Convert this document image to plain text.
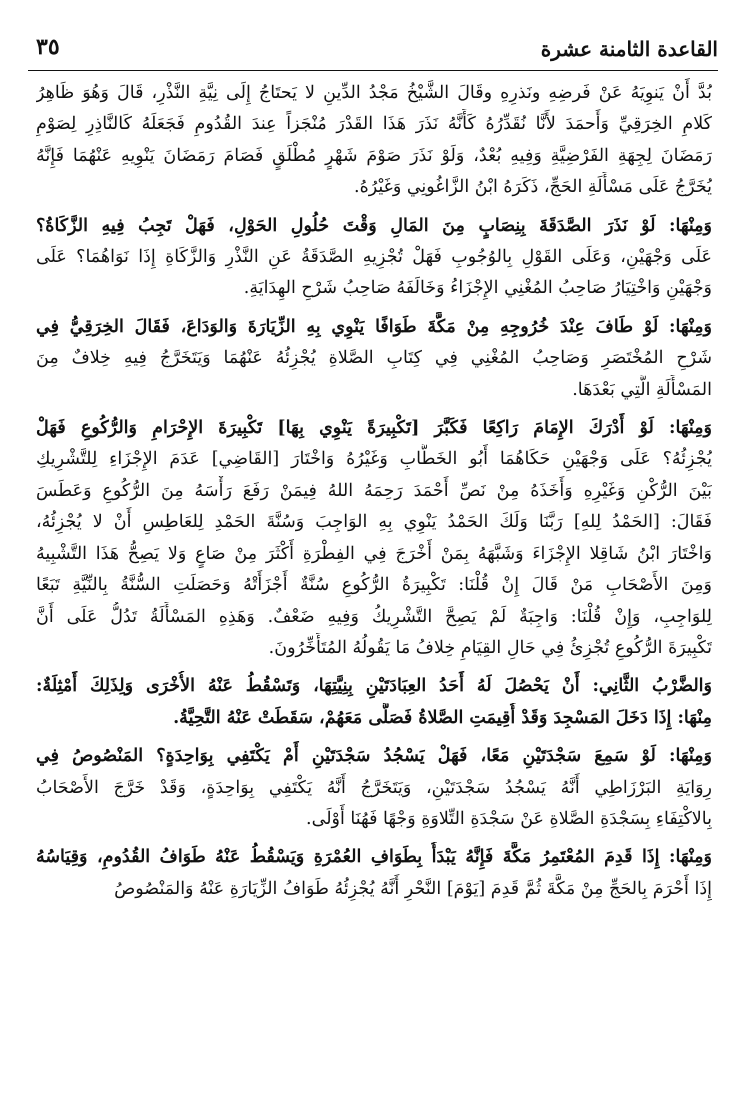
القاعدة الثامنة عشرة
٣٥

بُدَّ أَنْ يَنوِيَهُ عَنْ فَرضِهِ ونَذرِهِ وقَالَ الشَّيْخُ مَجْدُ الدِّينِ لا يَحتَاجُ إِلَى نِيَّةِ النَّذْرِ، قَالَ وَهُوَ ظَاهِرُ
كَلامِ الخِرَقِيِّ وَأَحمَدَ لأَنَّا نُقَدِّرُهُ كَأَنَّهُ نَذَرَ هَذَا القَدْرَ مُنْجَزاً عِندَ القُدُومِ فَجَعَلَهُ كَالنَّاذِرِ لِصَوْمِ
رَمَضَانَ لِجِهَةِ الفَرْضِيَّةِ وَفِيهِ بُعْدٌ، وَلَوْ نَذَرَ صَوْمَ شَهْرٍ مُطْلَقٍ فَصَامَ رَمَضَانَ يَنْوِيهِ عَنْهُمَا فَإِنَّهُ
يُخَرَّجُ عَلَى مَسْأَلَةِ الحَجِّ، ذَكَرَهُ ابْنُ الزَّاغُونِي وَغَيْرُهُ.

وَمِنْهَا: لَوْ نَذَرَ الصَّدَقَةَ بِنِصَابٍ مِنَ المَالِ وَقْتَ حُلُولِ الحَوْلِ، فَهَلْ تَجِبُ فِيهِ الزَّكَاةُ؟
عَلَى وَجْهَيْنِ، وَعَلَى القَوْلِ بِالوُجُوبِ فَهَلْ تُجْزِيهِ الصَّدَقَةُ عَنِ النَّذْرِ وَالزَّكَاةِ إِذَا نَوَاهُمَا؟ عَلَى
وَجْهَيْنِ وَاخْتِيَارُ صَاحِبُ المُغْنِي الإِجْزَاءُ وَخَالَفَهُ صَاحِبُ شَرْحِ الهِدَايَةِ.

وَمِنْهَا: لَوْ طَافَ عِنْدَ خُرُوجِهِ مِنْ مَكَّةَ طَوَافًا يَنْوِي بِهِ الزِّيَارَةَ وَالوَدَاعَ، فَقَالَ الخِرَقِيُّ فِي
شَرْحِ المُخْتَصَرِ وَصَاحِبُ المُغْنِي فِي كِتَابِ الصَّلاةِ يُجْزِئُهُ عَنْهُمَا وَيَتَخَرَّجُ فِيهِ خِلافٌ مِنَ
المَسْأَلَةِ الَّتِي بَعْدَهَا.

وَمِنْهَا: لَوْ أَدْرَكَ الإِمَامَ رَاكِعًا فَكَبَّرَ [تَكْبِيرَةً يَنْوِي بِهَا] تَكْبِيرَةَ الإِحْرَامِ وَالرُّكُوعِ فَهَلْ
يُجْزِئُهُ؟ عَلَى وَجْهَيْنِ حَكَاهُمَا أَبُو الخَطَّابِ وَغَيْرُهُ وَاخْتَارَ [القَاضِي] عَدَمَ الإِجْزَاءِ لِلتَّشْرِيكِ
بَيْنَ الرُّكْنِ وَغَيْرِهِ وَأَخَذَهُ مِنْ نَصِّ أَحْمَدَ رَحِمَهُ اللهُ فِيمَنْ رَفَعَ رَأْسَهُ مِنَ الرُّكُوعِ وَعَطَسَ
فَقَالَ: [الحَمْدُ لِلهِ] رَبَّنَا وَلَكَ الحَمْدُ يَنْوِي بِهِ الوَاجِبَ وَسُنَّةَ الحَمْدِ لِلعَاطِسِ أَنْ لا يُجْزِئُهُ،
وَاخْتَارَ ابْنُ شَاقِلا الإِجْزَاءَ وَشَبَّهَهُ بِمَنْ أَخْرَجَ فِي الفِطْرَةِ أَكْثَرَ مِنْ صَاعٍ وَلا يَصِحُّ هَذَا التَّشْبِيهُ
وَمِنَ الأَصْحَابِ مَنْ قَالَ إِنْ قُلْنَا: تَكْبِيرَةُ الرُّكُوعِ سُنَّةٌ أَجْزَأَتْهُ وَحَصَلَتِ السُّنَّةُ بِالنِّيَّةِ تَبَعًا
لِلوَاجِبِ، وَإِنْ قُلْنَا: وَاجِبَةٌ لَمْ يَصِحَّ التَّشْرِيكُ وَفِيهِ ضَعْفٌ. وَهَذِهِ المَسْأَلَةُ تَدُلُّ عَلَى أَنَّ
تَكْبِيرَةَ الرُّكُوعِ تُجْزِئُ فِي حَالِ القِيَامِ خِلافُ مَا يَقُولُهُ المُتَأَخِّرُونَ.

وَالضَّرْبُ الثَّانِي: أَنْ يَحْصُلَ لَهُ أَحَدُ العِبَادَتَيْنِ بِنِيَّتِهَا، وَتَسْقُطُ عَنْهُ الأُخْرَى وَلِذَلِكَ أَمْثِلَةٌ:
مِنْهَا: إِذَا دَخَلَ المَسْجِدَ وَقَدْ أُقِيمَتِ الصَّلاةُ فَصَلَّى مَعَهُمْ، سَقَطَتْ عَنْهُ التَّحِيَّةُ.

وَمِنْهَا: لَوْ سَمِعَ سَجْدَتَيْنِ مَعًا، فَهَلْ يَسْجُدُ سَجْدَتَيْنِ أَمْ يَكْتَفِي بِوَاحِدَةٍ؟ المَنْصُوصُ فِي
رِوَايَةِ البَرْزَاطِي أَنَّهُ يَسْجُدُ سَجْدَتَيْنِ، وَيَتَخَرَّجُ أَنَّهُ يَكْتَفِي بِوَاحِدَةٍ، وَقَدْ خَرَّجَ الأَصْحَابُ
بِالاكْتِفَاءِ بِسَجْدَةِ الصَّلاةِ عَنْ سَجْدَةِ التِّلاوَةِ وَجْهًا فَهُنَا أَوْلَى.

وَمِنْهَا: إِذَا قَدِمَ المُعْتَمِرُ مَكَّةَ فَإِنَّهُ يَبْدَأُ بِطَوَافِ العُمْرَةِ وَيَسْقُطُ عَنْهُ طَوَافُ القُدُومِ، وَقِيَاسُهُ
إِذَا أَحْرَمَ بِالحَجِّ مِنْ مَكَّةَ ثُمَّ قَدِمَ [يَوْمَ] النَّحْرِ أَنَّهُ يُجْزِئُهُ طَوَافُ الزِّيَارَةِ عَنْهُ وَالمَنْصُوصُ
